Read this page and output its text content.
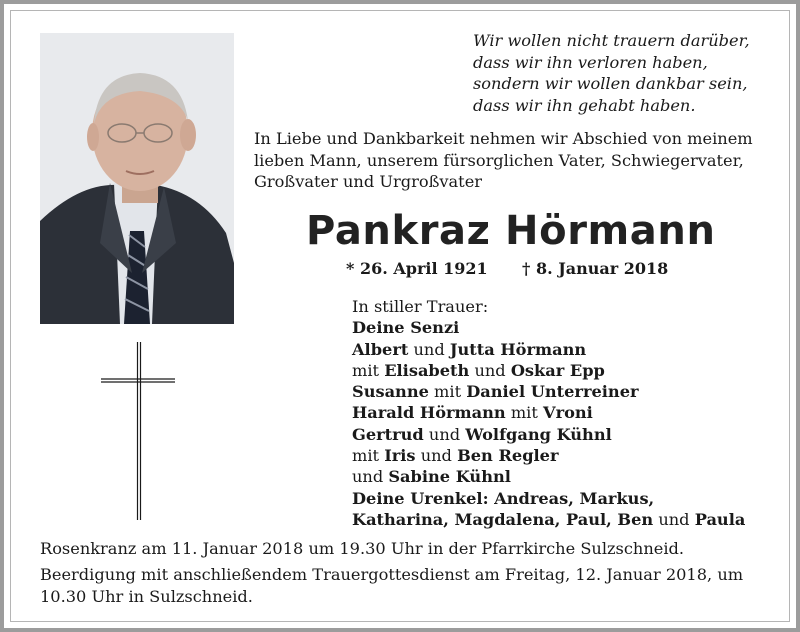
Wir wollen nicht trauern darüber,
dass wir ihn verloren haben,
sondern wir wollen dankbar sein,
dass wir ihn gehabt haben.
In Liebe und Dankbarkeit nehmen wir Abschied von meinem
lieben Mann, unserem fürsorglichen Vater, Schwiegervater,
Großvater und Urgroßvater
Pankraz Hörmann
* 26. April 1921 † 8. Januar 2018
In stiller Trauer:
Deine Senzi
Albert und Jutta Hörmann
mit Elisabeth und Oskar Epp
Susanne mit Daniel Unterreiner
Harald Hörmann mit Vroni
Gertrud und Wolfgang Kühnl
mit Iris und Ben Regler
und Sabine Kühnl
Deine Urenkel: Andreas, Markus,
Katharina, Magdalena, Paul, Ben und Paula
Rosenkranz am 11. Januar 2018 um 19.30 Uhr in der Pfarrkirche Sulzschneid.
Beerdigung mit anschließendem Trauergottesdienst am Freitag, 12. Januar 2018, um
10.30 Uhr in Sulzschneid.
